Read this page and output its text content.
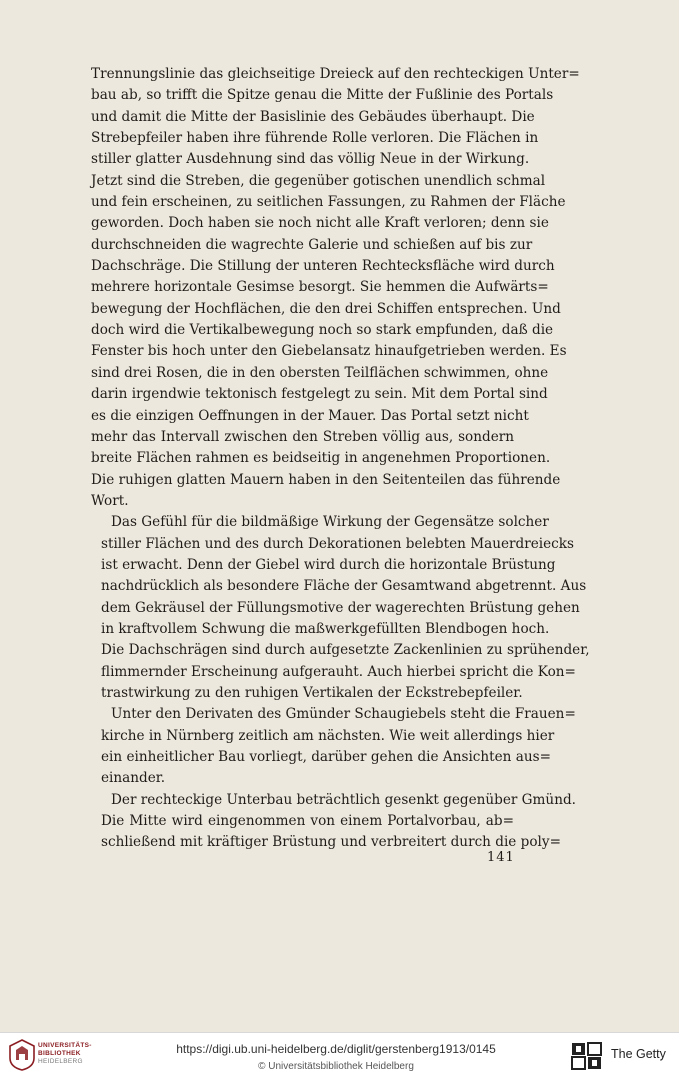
Trennungslinie das gleichseitige Dreieck auf den rechteckigen Unter=
bau ab, so trifft die Spitze genau die Mitte der Fußlinie des Portals
und damit die Mitte der Basislinie des Gebäudes überhaupt. Die
Strebepfeiler haben ihre führende Rolle verloren. Die Flächen in
stiller glatter Ausdehnung sind das völlig Neue in der Wirkung.
Jetzt sind die Streben, die gegenüber gotischen unendlich schmal
und fein erscheinen, zu seitlichen Fassungen, zu Rahmen der Fläche
geworden. Doch haben sie noch nicht alle Kraft verloren; denn sie
durchschneiden die wagrechte Galerie und schießen auf bis zur
Dachschräge. Die Stillung der unteren Rechtecksfläche wird durch
mehrere horizontale Gesimse besorgt. Sie hemmen die Aufwärts=
bewegung der Hochflächen, die den drei Schiffen entsprechen. Und
doch wird die Vertikalbewegung noch so stark empfunden, daß die
Fenster bis hoch unter den Giebelansatz hinaufgetrieben werden. Es
sind drei Rosen, die in den obersten Teilflächen schwimmen, ohne
darin irgendwie tektonisch festgelegt zu sein. Mit dem Portal sind
es die einzigen Oeffnungen in der Mauer. Das Portal setzt nicht
mehr das Intervall zwischen den Streben völlig aus, sondern
breite Flächen rahmen es beidseitig in angenehmen Proportionen.
Die ruhigen glatten Mauern haben in den Seitenteilen das führende
Wort.
Das Gefühl für die bildmäßige Wirkung der Gegensätze solcher
stiller Flächen und des durch Dekorationen belebten Mauerdreiecks
ist erwacht. Denn der Giebel wird durch die horizontale Brüstung
nachdrücklich als besondere Fläche der Gesamtwand abgetrennt. Aus
dem Gekräusel der Füllungsmotive der wagerechten Brüstung gehen
in kraftvollem Schwung die maßwerkgefüllten Blendbogen hoch.
Die Dachschrägen sind durch aufgesetzte Zackenlinien zu sprühender,
flimmernder Erscheinung aufgerauht. Auch hierbei spricht die Kon=
trastwirkung zu den ruhigen Vertikalen der Eckstrebepfeiler.
Unter den Derivaten des Gmünder Schaugiebels steht die Frauen=
kirche in Nürnberg zeitlich am nächsten. Wie weit allerdings hier
ein einheitlicher Bau vorliegt, darüber gehen die Ansichten aus=
einander.
Der rechteckige Unterbau beträchtlich gesenkt gegenüber Gmünd.
Die Mitte wird eingenommen von einem Portalvorbau, ab=
schließend mit kräftiger Brüstung und verbreitert durch die poly=
141
UNIVERSITÄTS-
BIBLIOTHEK

HEIDELBERG
https://digi.ub.uni-heidelberg.de/diglit/gerstenberg1913/0145
© Universitätsbibliothek Heidelberg
The Getty
